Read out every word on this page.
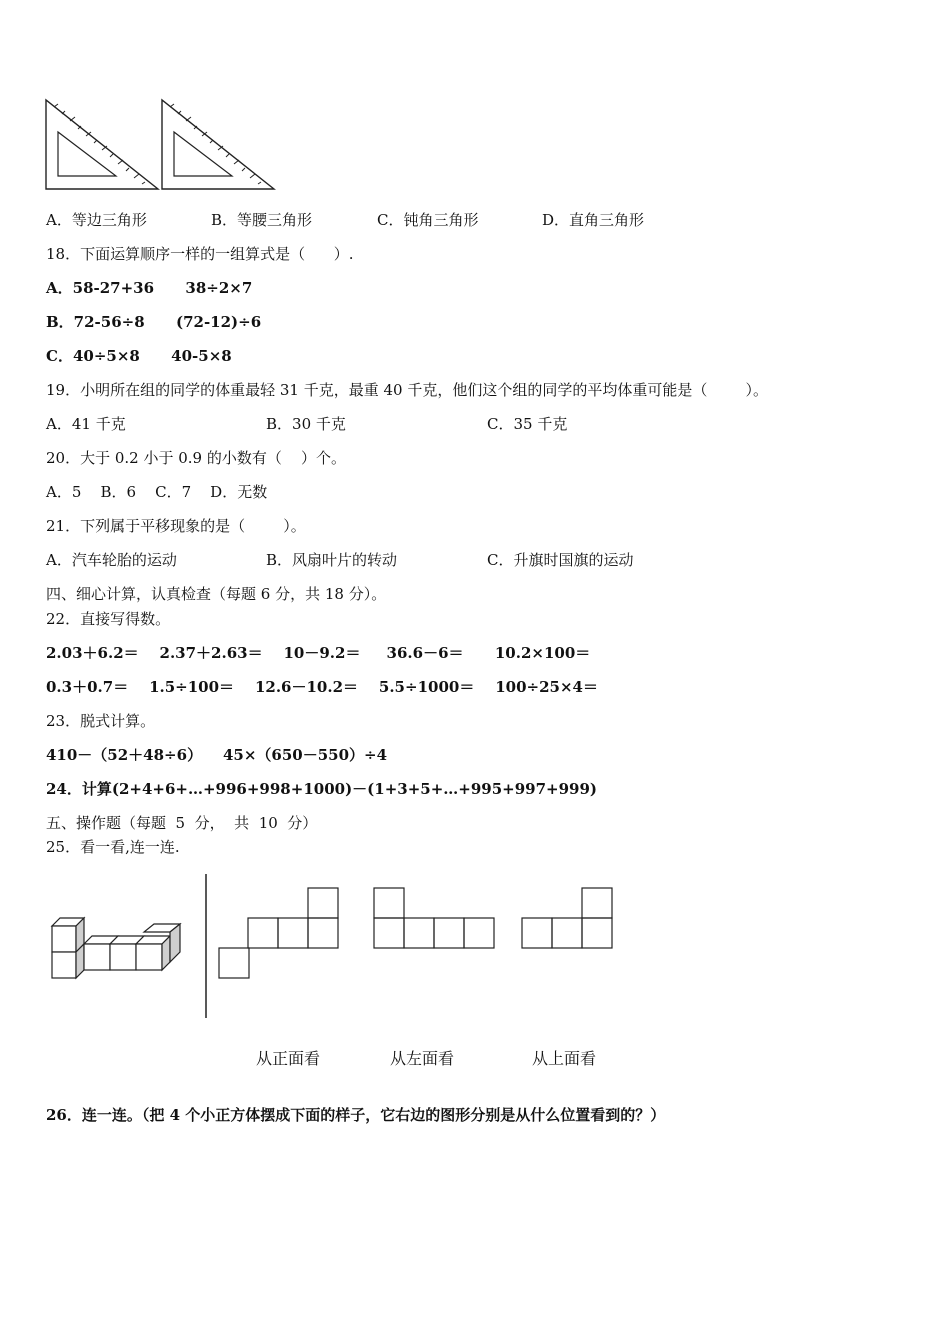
A．等边三角形	B．等腰三角形	C．钝角三角形	D．直角三角形
18．下面运算顺序一样的一组算式是（      ）.
A．58-27+36      38÷2×7
B．72-56÷8      (72-12)÷6
C．40÷5×8      40-5×8
19．小明所在组的同学的体重最轻 31 千克，最重 40 千克，他们这个组的同学的平均体重可能是（        ）。
A．41 千克	B．30 千克	C．35 千克
20．大于 0.2 小于 0.9 的小数有（    ）个。
A．5    B．6    C．7    D．无数
21．下列属于平移现象的是（        ）。
A．汽车轮胎的运动	B．风扇叶片的转动	C．升旗时国旗的运动
四、细心计算，认真检查（每题 6 分，共 18 分）。
22．直接写得数。
2.03＋6.2＝    2.37＋2.63＝    10－9.2＝     36.6－6＝      10.2×100＝
0.3＋0.7＝    1.5÷100＝    12.6－10.2＝    5.5÷1000＝    100÷25×4＝
23．脱式计算。
410－（52＋48÷6）    45×（650－550）÷4
24．计算(2+4+6+…+996+998+1000)－(1+3+5+…+995+997+999)
五、操作题（每题  5  分，  共  10  分）
25．看一看,连一连.
从正面看	从左面看	从上面看
26．连一连。（把 4 个小正方体摆成下面的样子，它右边的图形分别是从什么位置看到的？）
